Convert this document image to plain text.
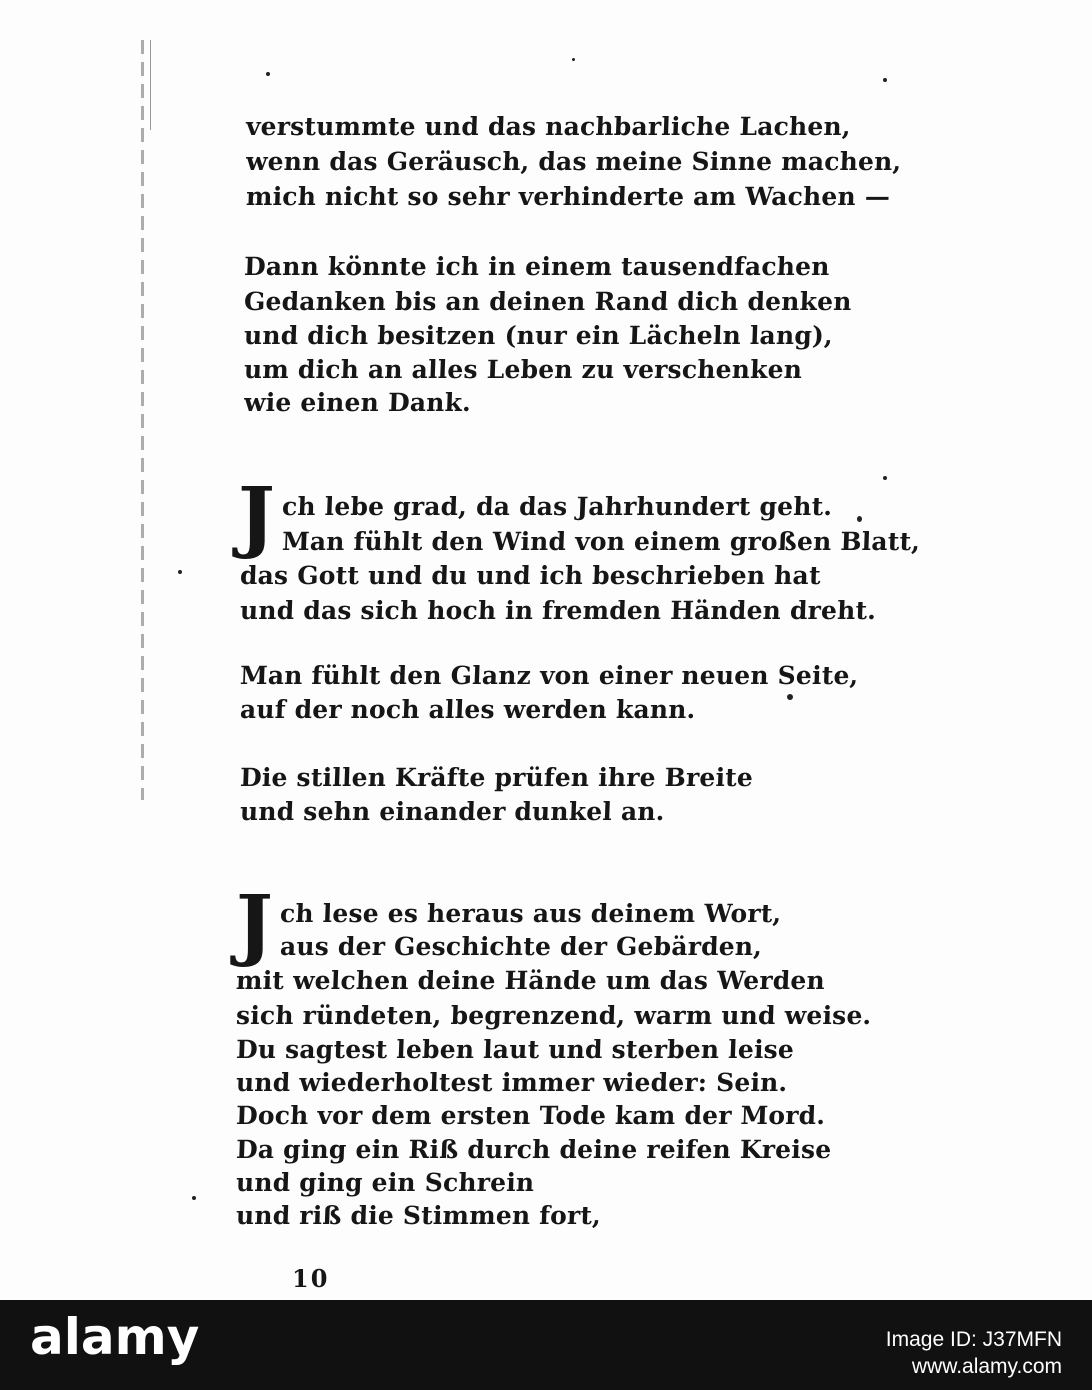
verstummte und das nachbarliche Lachen,
wenn das Geräusch, das meine Sinne machen,
mich nicht so sehr verhinderte am Wachen —
Dann könnte ich in einem tausendfachen
Gedanken bis an deinen Rand dich denken
und dich besitzen (nur ein Lächeln lang),
um dich an alles Leben zu verschenken
wie einen Dank.
J ch lebe grad, da das Jahrhundert geht.
Man fühlt den Wind von einem großen Blatt,
das Gott und du und ich beschrieben hat
und das sich hoch in fremden Händen dreht.
Man fühlt den Glanz von einer neuen Seite,
auf der noch alles werden kann.
Die stillen Kräfte prüfen ihre Breite
und sehn einander dunkel an.
J ch lese es heraus aus deinem Wort,
aus der Geschichte der Gebärden,
mit welchen deine Hände um das Werden
sich ründeten, begrenzend, warm und weise.
Du sagtest leben laut und sterben leise
und wiederholtest immer wieder: Sein.
Doch vor dem ersten Tode kam der Mord.
Da ging ein Riß durch deine reifen Kreise
und ging ein Schrein
und riß die Stimmen fort,
10
alamy	Image ID: J37MFN
www.alamy.com
